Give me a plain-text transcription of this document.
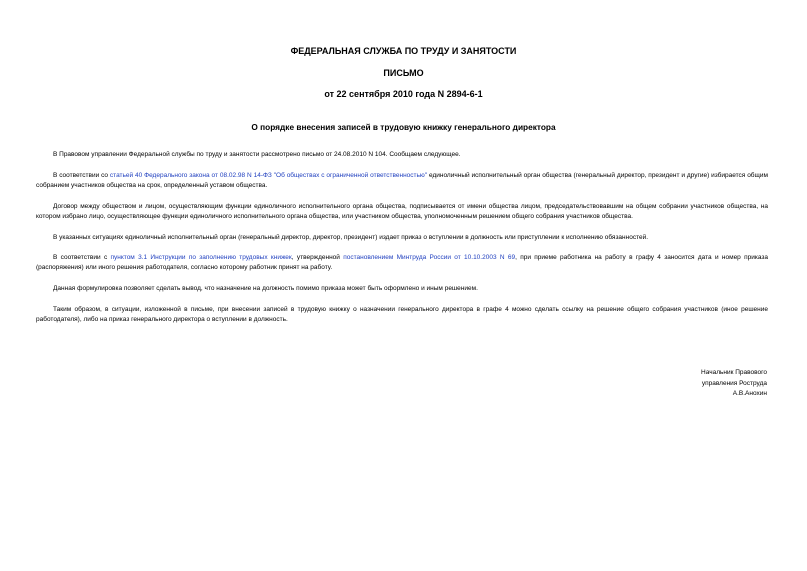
ФЕДЕРАЛЬНАЯ СЛУЖБА ПО ТРУДУ И ЗАНЯТОСТИ
ПИСЬМО
от 22 сентября 2010 года N 2894-6-1
О порядке внесения записей в трудовую книжку генерального директора

В Правовом управлении Федеральной службы по труду и занятости рассмотрено письмо от 24.08.2010 N 104. Сообщаем следующее.

В соответствии со статьей 40 Федерального закона от 08.02.98 N 14-ФЗ "Об обществах с ограниченной ответственностью" единоличный исполнительный орган общества (генеральный директор, президент и другие) избирается общим собранием участников общества на срок, определенный уставом общества.

Договор между обществом и лицом, осуществляющим функции единоличного исполнительного органа общества, подписывается от имени общества лицом, председательствовавшим на общем собрании участников общества, на котором избрано лицо, осуществляющее функции единоличного исполнительного органа общества, или участником общества, уполномоченным решением общего собрания участников общества.

В указанных ситуациях единоличный исполнительный орган (генеральный директор, директор, президент) издает приказ о вступлении в должность или приступлении к исполнению обязанностей.

В соответствии с пунктом 3.1 Инструкции по заполнению трудовых книжек, утвержденной постановлением Минтруда России от 10.10.2003 N 69, при приеме работника на работу в графу 4 заносится дата и номер приказа (распоряжения) или иного решения работодателя, согласно которому работник принят на работу.

Данная формулировка позволяет сделать вывод, что назначение на должность помимо приказа может быть оформлено и иным решением.

Таким образом, в ситуации, изложенной в письме, при внесении записей в трудовую книжку о назначении генерального директора в графе 4 можно сделать ссылку на решение общего собрания участников (иное решение работодателя), либо на приказ генерального директора о вступлении в должность.

Начальник Правового
управления Роструда
А.В.Анохин
